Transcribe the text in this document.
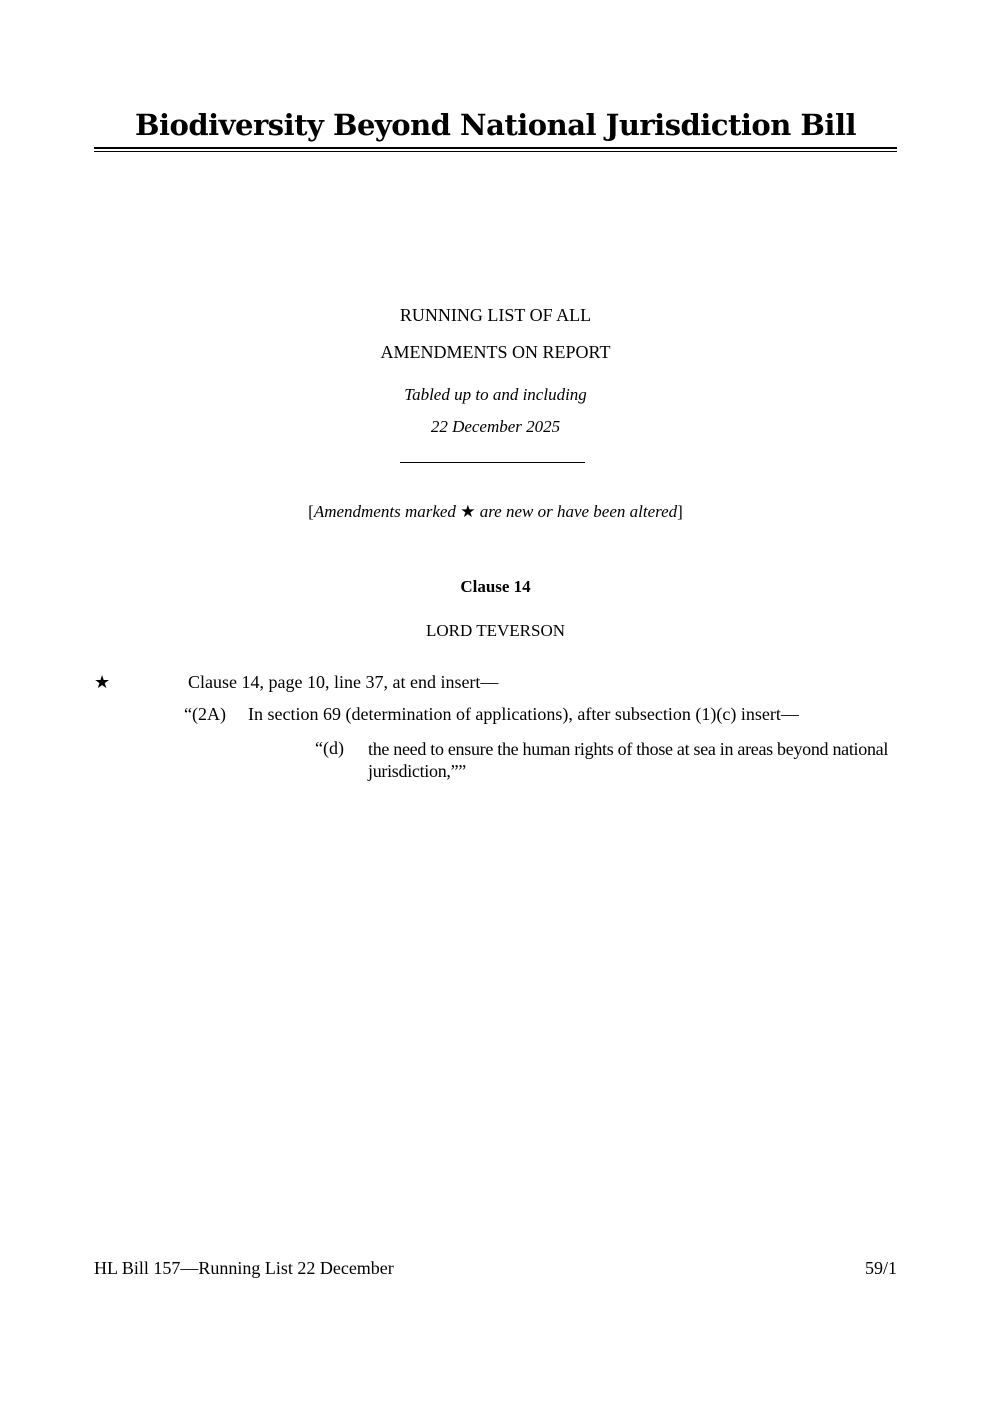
Biodiversity Beyond National Jurisdiction Bill
RUNNING LIST OF ALL
AMENDMENTS ON REPORT
Tabled up to and including
22 December 2025
[Amendments marked ★ are new or have been altered]
Clause 14
LORD TEVERSON
★	Clause 14, page 10, line 37, at end insert—
“(2A) In section 69 (determination of applications), after subsection (1)(c) insert—
“(d) the need to ensure the human rights of those at sea in areas beyond national jurisdiction,””
HL Bill 157—Running List 22 December	59/1
